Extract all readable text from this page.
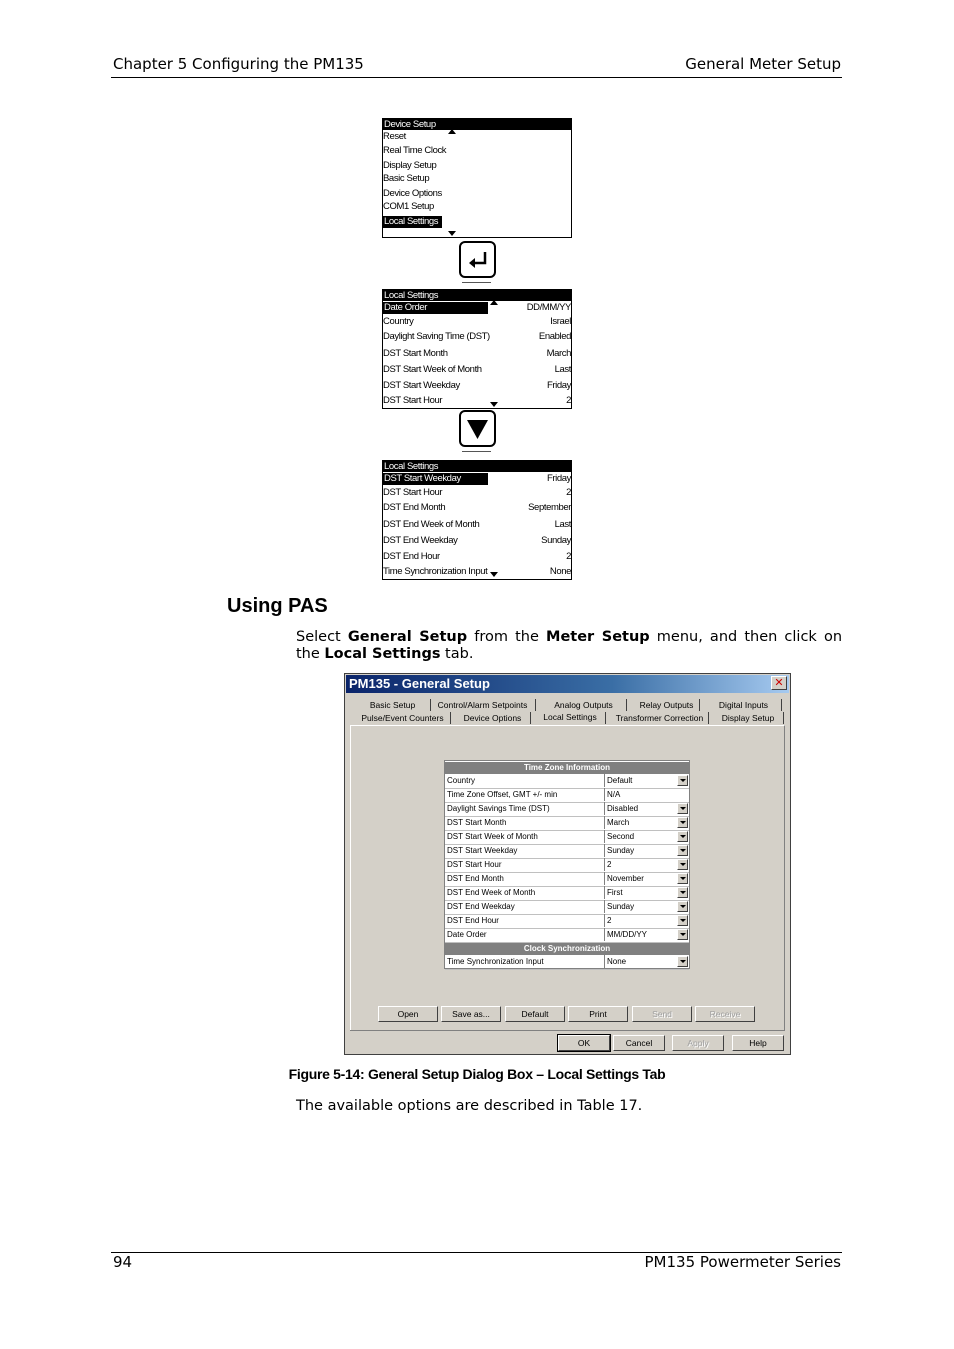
Chapter 5 Configuring the PM135	General Meter Setup
Device Setup
Reset
Real Time Clock
Display Setup
Basic Setup
Device Options
COM1 Setup
Local Settings
Local Settings
Date Order	DD/MM/YY
Country	Israel
Daylight Saving Time (DST)	Enabled
DST Start Month	March
DST Start Week of Month	Last
DST Start Weekday	Friday
DST Start Hour	2
Local Settings
DST Start Weekday	Friday
DST Start Hour	2
DST End Month	September
DST End Week of Month	Last
DST End Weekday	Sunday
DST End Hour	2
Time Synchronization Input	None
Using PAS
Select General Setup from the Meter Setup menu, and then click on the Local Settings tab.
PM135 - General Setup	✕
Basic Setup	Control/Alarm Setpoints	Analog Outputs	Relay Outputs	Digital Inputs
Pulse/Event Counters	Device Options	Local Settings	Transformer Correction	Display Setup
Time Zone Information
Country	Default
Time Zone Offset, GMT +/- min	N/A
Daylight Savings Time (DST)	Disabled
DST Start Month	March
DST Start Week of Month	Second
DST Start Weekday	Sunday
DST Start Hour	2
DST End Month	November
DST End Week of Month	First
DST End Weekday	Sunday
DST End Hour	2
Date Order	MM/DD/YY
Clock Synchronization
Time Synchronization Input	None
Open	Save as...	Default	Print	Send	Receive
OK	Cancel	Apply	Help
Figure 5-14: General Setup Dialog Box – Local Settings Tab
The available options are described in Table 17.
94	PM135 Powermeter Series
